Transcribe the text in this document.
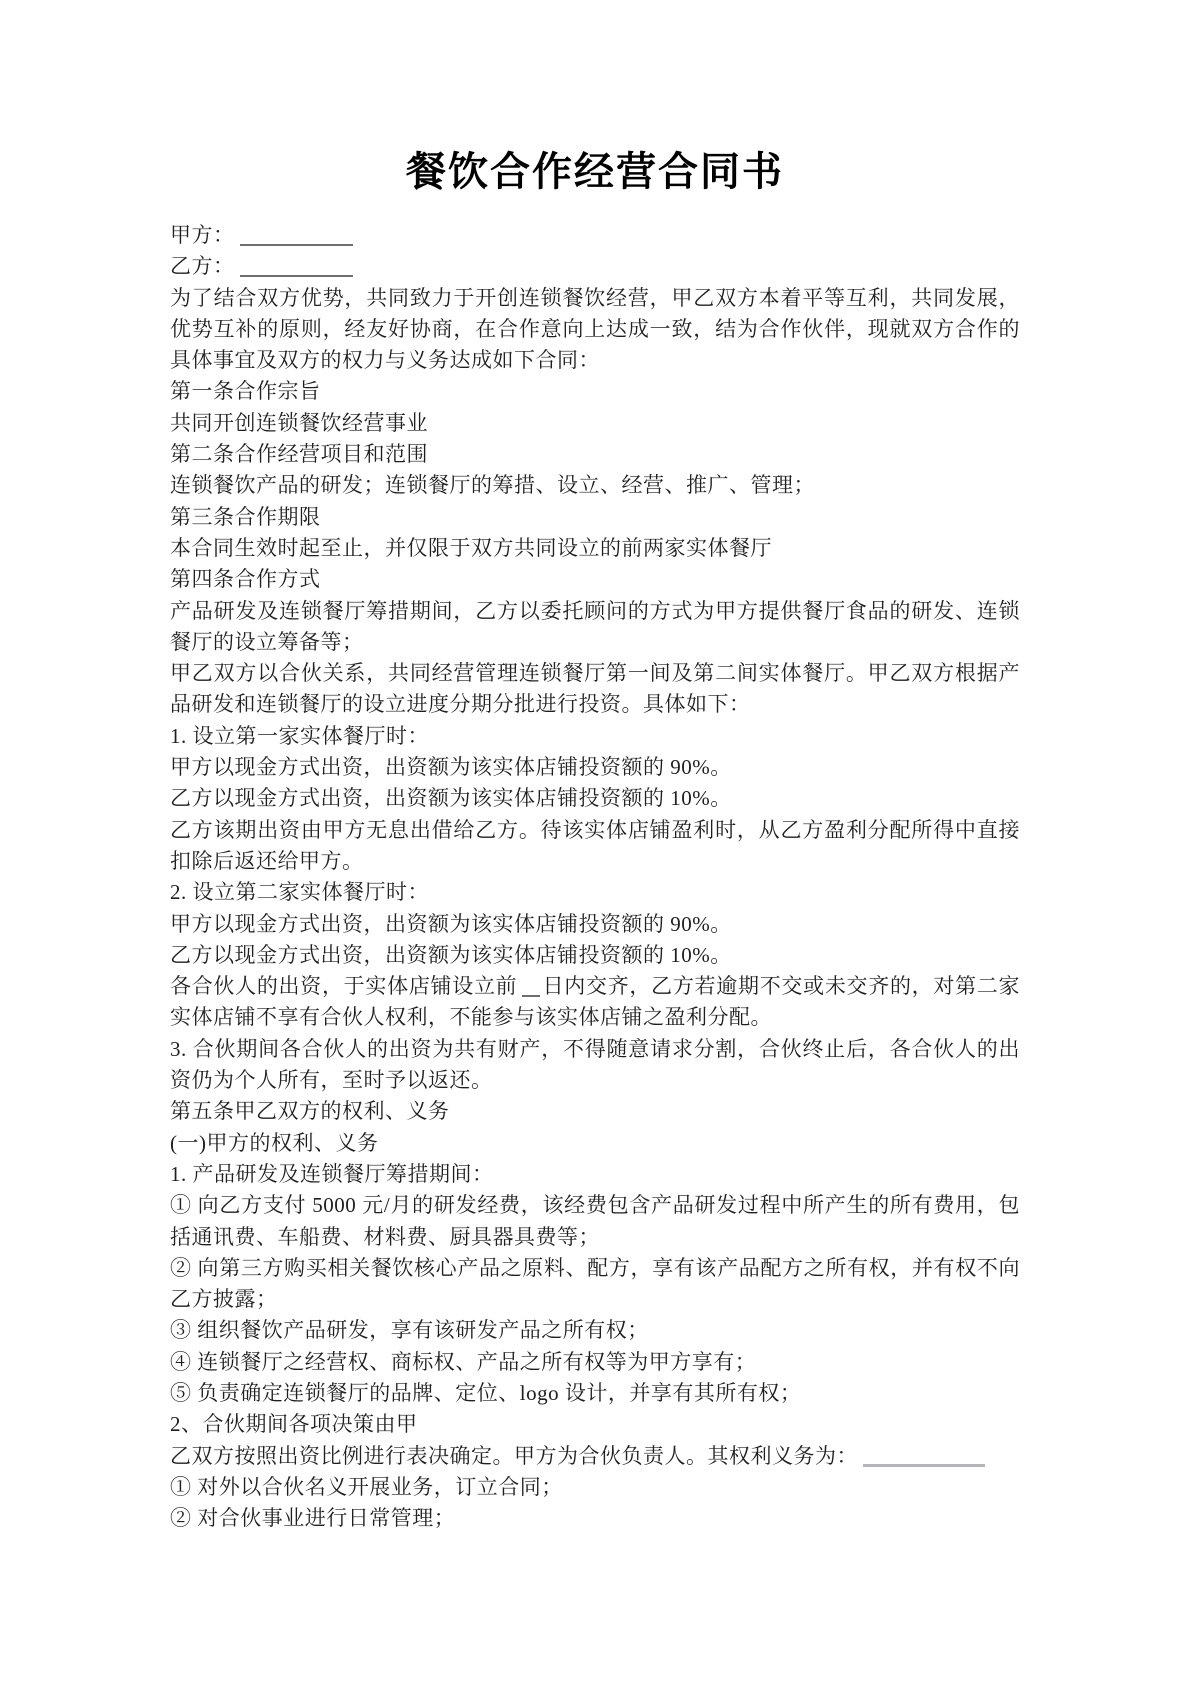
餐饮合作经营合同书

甲方：

乙方：

为了结合双方优势，共同致力于开创连锁餐饮经营，甲乙双方本着平等互利，共同发展，优势互补的原则，经友好协商，在合作意向上达成一致，结为合作伙伴，现就双方合作的具体事宜及双方的权力与义务达成如下合同：

第一条合作宗旨

共同开创连锁餐饮经营事业

第二条合作经营项目和范围

连锁餐饮产品的研发；连锁餐厅的筹措、设立、经营、推广、管理；

第三条合作期限

本合同生效时起至止，并仅限于双方共同设立的前两家实体餐厅

第四条合作方式

产品研发及连锁餐厅筹措期间，乙方以委托顾问的方式为甲方提供餐厅食品的研发、连锁餐厅的设立筹备等；

甲乙双方以合伙关系，共同经营管理连锁餐厅第一间及第二间实体餐厅。甲乙双方根据产品研发和连锁餐厅的设立进度分期分批进行投资。具体如下：

1. 设立第一家实体餐厅时：

甲方以现金方式出资，出资额为该实体店铺投资额的 90%。

乙方以现金方式出资，出资额为该实体店铺投资额的 10%。

乙方该期出资由甲方无息出借给乙方。待该实体店铺盈利时，从乙方盈利分配所得中直接扣除后返还给甲方。

2. 设立第二家实体餐厅时：

甲方以现金方式出资，出资额为该实体店铺投资额的 90%。

乙方以现金方式出资，出资额为该实体店铺投资额的 10%。

各合伙人的出资，于实体店铺设立前 日内交齐，乙方若逾期不交或未交齐的，对第二家实体店铺不享有合伙人权利，不能参与该实体店铺之盈利分配。

3. 合伙期间各合伙人的出资为共有财产，不得随意请求分割，合伙终止后，各合伙人的出资仍为个人所有，至时予以返还。

第五条甲乙双方的权利、义务

(一)甲方的权利、义务

1. 产品研发及连锁餐厅筹措期间：

① 向乙方支付 5000 元/月的研发经费，该经费包含产品研发过程中所产生的所有费用，包括通讯费、车船费、材料费、厨具器具费等；

② 向第三方购买相关餐饮核心产品之原料、配方，享有该产品配方之所有权，并有权不向乙方披露；

③ 组织餐饮产品研发，享有该研发产品之所有权；

④ 连锁餐厅之经营权、商标权、产品之所有权等为甲方享有；

⑤ 负责确定连锁餐厅的品牌、定位、logo 设计，并享有其所有权；

2、合伙期间各项决策由甲

乙双方按照出资比例进行表决确定。甲方为合伙负责人。其权利义务为：

① 对外以合伙名义开展业务，订立合同；

② 对合伙事业进行日常管理；
